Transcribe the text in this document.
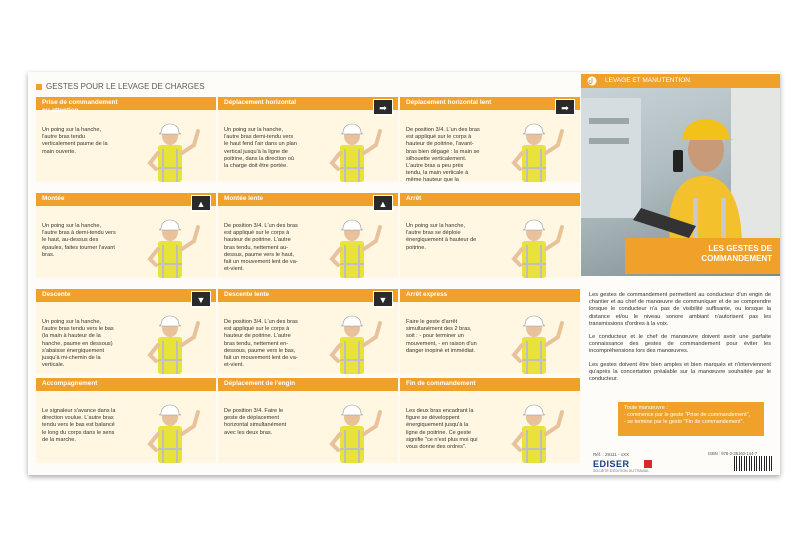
GESTES POUR LE LEVAGE DE CHARGES
Prise de commandement ou attention
Un poing sur la hanche, l'autre bras tendu verticalement paume de la main ouverte.
Montée
Un poing sur la hanche, l'autre bras à demi-tendu vers le haut, au-dessus des épaules, faites tourner l'avant bras.
▲
Descente
Un poing sur la hanche, l'autre bras tendu vers le bas (la main à hauteur de la hanche, paume en dessous) s'abaisse énergiquement jusqu'à mi-chemin de la verticale.
▼
Accompagnement
Le signaleur s'avance dans la direction voulue. L'autre bras tendu vers le bas est balancé le long du corps dans le sens de la marche.
Déplacement horizontal
Un poing sur la hanche, l'autre bras demi-tendu vers le haut fend l'air dans un plan vertical jusqu'à la ligne de poitrine, dans la direction où la charge doit être portée.
➡
Montée lente
De position 3/4. L'un des bras est appliqué sur le corps à hauteur de poitrine. L'autre bras tendu, nettement au-dessus, paume vers le haut, fait un mouvement lent de va-et-vient.
▲
Descente lente
De position 3/4. L'un des bras est appliqué sur le corps à hauteur de poitrine. L'autre bras tendu, nettement en-dessous, paume vers le bas, fait un mouvement lent de va-et-vient.
▼
Déplacement de l'engin
De position 3/4. Faire le geste de déplacement horizontal simultanément avec les deux bras.
Déplacement horizontal lent
De position 3/4. L'un des bras est appliqué sur le corps à hauteur de poitrine, l'avant-bras bien dégagé : la main se silhouette verticalement. L'autre bras a peu près tendu, la main verticale à même hauteur que la
➡
Arrêt
Un poing sur la hanche, l'autre bras se déploie énergiquement à hauteur de poitrine.
Arrêt express
Faire le geste d'arrêt simultanément des 2 bras, soit : - pour terminer un mouvement, - en raison d'un danger inopiné et immédiat.
Fin de commandement
Les deux bras encadrant la figure se développent énergiquement jusqu'à la ligne de poitrine. Ce geste signifie "ce n'est plus moi qui vous donne des ordres".
LEVAGE ET MANUTENTION
LES GESTES DE
COMMANDEMENT

Les gestes de commandement permettent au conducteur d'un engin de chantier et au chef de manœuvre de communiquer et de se comprendre lorsque le conducteur n'a pas de visibilité suffisante, ou lorsque la distance et/ou le niveau sonore ambiant n'autorisent pas les transmissions d'ordres à la voix.

Le conducteur et le chef de manœuvre doivent avoir une parfaite connaissance des gestes de commandement pour éviter les incompréhensions lors des manœuvres.

Les gestes doivent être bien amples et bien marqués et n'interviennent qu'après la concertation préalable sur la manœuvre souhaitée par le conducteur.

Toute manœuvre :
- commence par le geste "Prise de commandement",
- se termine par le geste "Fin de commandement".
Réf. : 29111 - xXX	ISBN : 978-2-35163-144-7
EDISER
SOCIÉTÉ D'ÉDITION DU TRAVAIL
